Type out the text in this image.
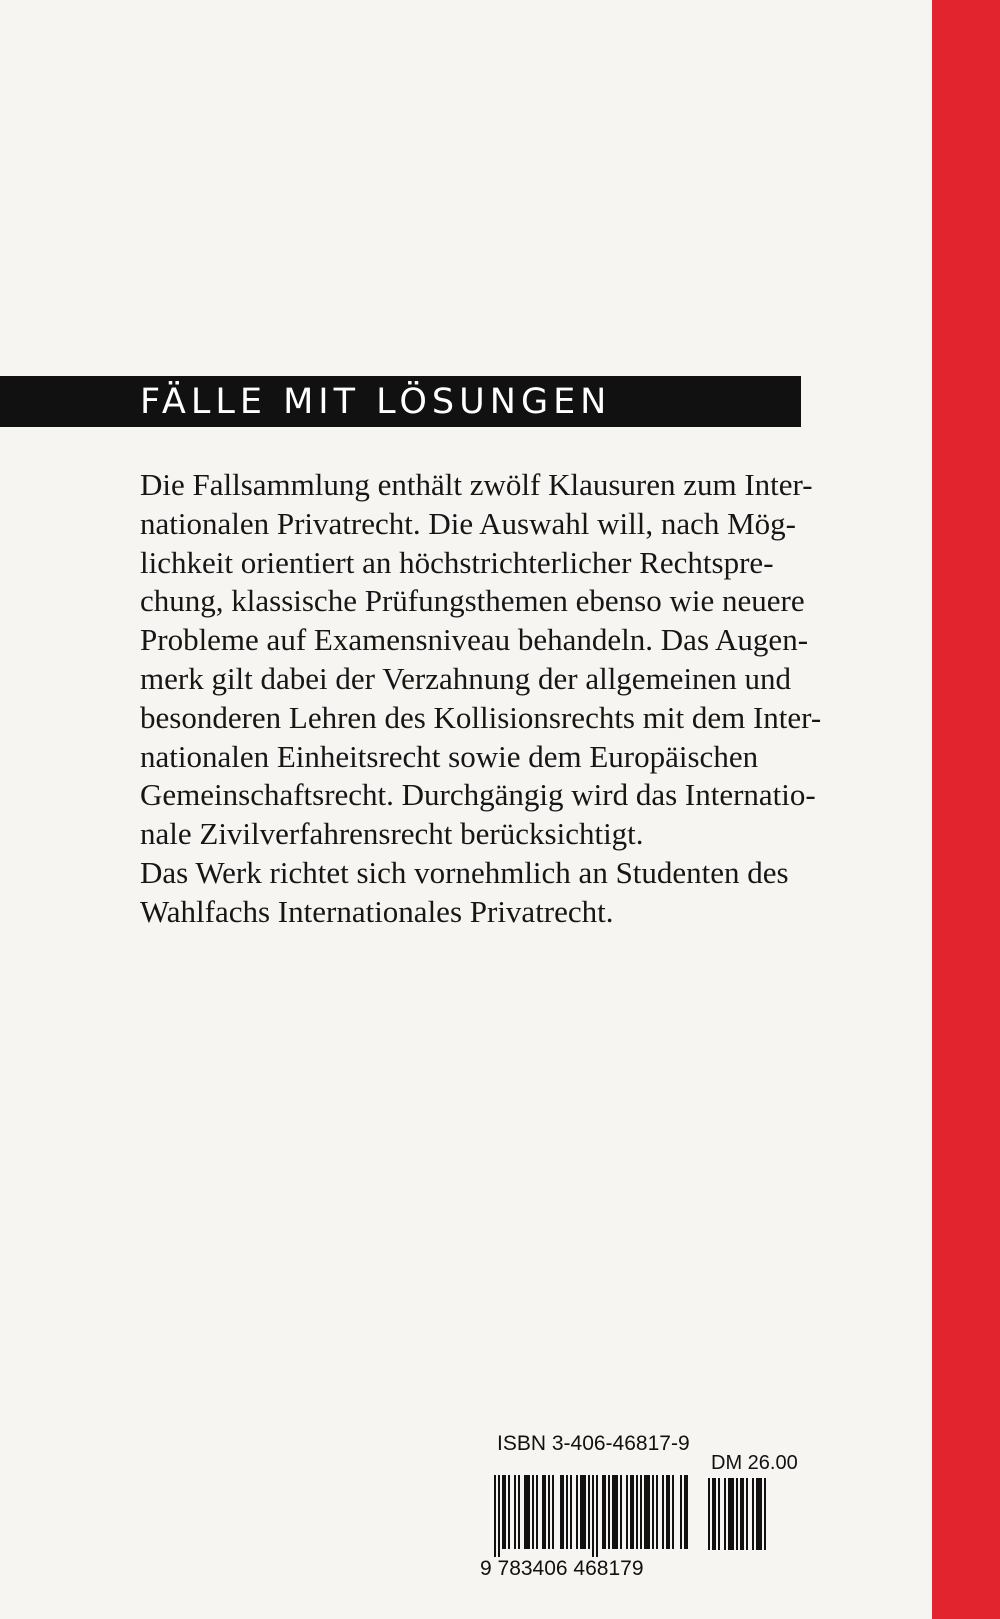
FÄLLE MIT LÖSUNGEN
Die Fallsammlung enthält zwölf Klausuren zum Inter-
nationalen Privatrecht. Die Auswahl will, nach Mög-
lichkeit orientiert an höchstrichterlicher Rechtspre-
chung, klassische Prüfungsthemen ebenso wie neuere
Probleme auf Examensniveau behandeln. Das Augen-
merk gilt dabei der Verzahnung der allgemeinen und
besonderen Lehren des Kollisionsrechts mit dem Inter-
nationalen Einheitsrecht sowie dem Europäischen
Gemeinschaftsrecht. Durchgängig wird das Internatio-
nale Zivilverfahrensrecht berücksichtigt.
Das Werk richtet sich vornehmlich an Studenten des
Wahlfachs Internationales Privatrecht.
ISBN 3-406-46817-9
DM 26.00
9 783406 468179
